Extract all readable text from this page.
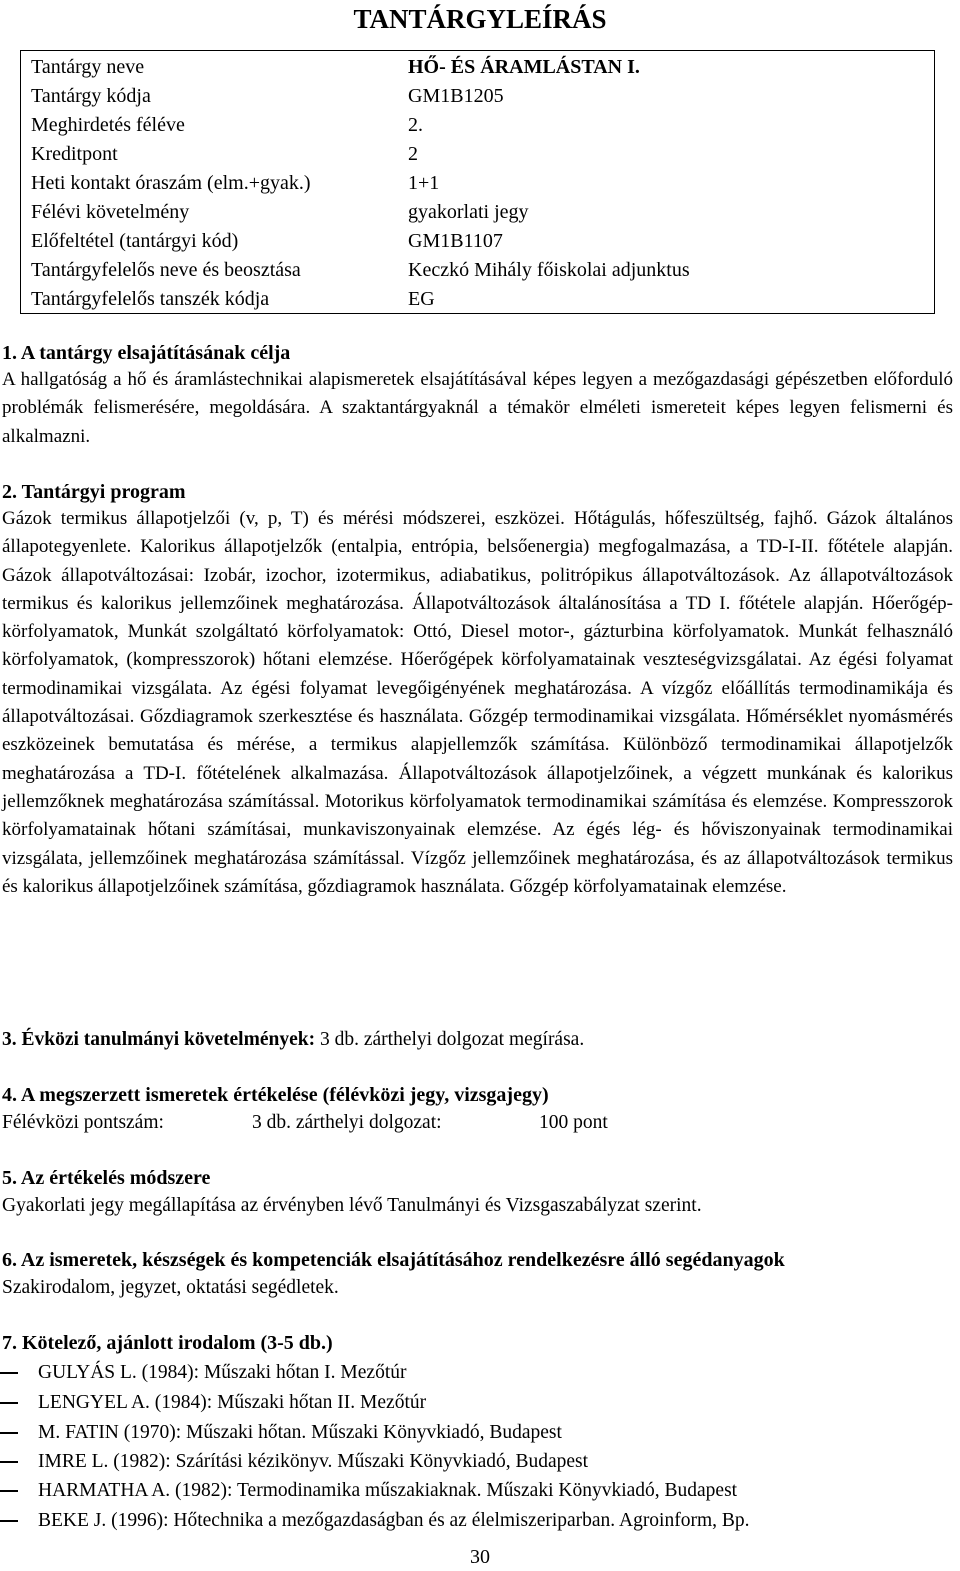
TANTÁRGYLEÍRÁS
Tantárgy neve	HŐ- ÉS ÁRAMLÁSTAN I.
Tantárgy kódja	GM1B1205
Meghirdetés féléve	2.
Kreditpont	2
Heti kontakt óraszám (elm.+gyak.)	1+1
Félévi követelmény	gyakorlati jegy
Előfeltétel (tantárgyi kód)	GM1B1107
Tantárgyfelelős neve és beosztása	Keczkó Mihály főiskolai adjunktus
Tantárgyfelelős tanszék kódja	EG
1. A tantárgy elsajátításának célja
A hallgatóság a hő és áramlástechnikai alapismeretek elsajátításával képes legyen a mezőgazdasági gépészetben előforduló problémák felismerésére, megoldására. A szaktantárgyaknál a témakör elméleti ismereteit képes legyen felismerni és alkalmazni.
2. Tantárgyi program
Gázok termikus állapotjelzői (v, p, T) és mérési módszerei, eszközei. Hőtágulás, hőfeszültség, fajhő. Gázok általános állapotegyenlete. Kalorikus állapotjelzők (entalpia, entrópia, belsőenergia) megfogalmazása, a TD-I-II. főtétele alapján. Gázok állapotváltozásai: Izobár, izochor, izotermikus, adiabatikus, politrópikus állapotváltozások. Az állapotváltozások termikus és kalorikus jellemzőinek meghatározása. Állapotváltozások általánosítása a TD I. főtétele alapján. Hőerőgép-körfolyamatok, Munkát szolgáltató körfolyamatok: Ottó, Diesel motor-, gázturbina körfolyamatok. Munkát felhasználó körfolyamatok, (kompresszorok) hőtani elemzése. Hőerőgépek körfolyamatainak veszteségvizsgálatai. Az égési folyamat termodinamikai vizsgálata. Az égési folyamat levegőigényének meghatározása. A vízgőz előállítás termodinamikája és állapotváltozásai. Gőzdiagramok szerkesztése és használata. Gőzgép termodinamikai vizsgálata. Hőmérséklet nyomásmérés eszközeinek bemutatása és mérése, a termikus alapjellemzők számítása. Különböző termodinamikai állapotjelzők meghatározása a TD-I. főtételének alkalmazása. Állapotváltozások állapotjelzőinek, a végzett munkának és kalorikus jellemzőknek meghatározása számítással. Motorikus körfolyamatok termodinamikai számítása és elemzése. Kompresszorok körfolyamatainak hőtani számításai, munkaviszonyainak elemzése. Az égés lég- és hőviszonyainak termodinamikai vizsgálata, jellemzőinek meghatározása számítással. Vízgőz jellemzőinek meghatározása, és az állapotváltozások termikus és kalorikus állapotjelzőinek számítása, gőzdiagramok használata. Gőzgép körfolyamatainak elemzése.
3. Évközi tanulmányi követelmények: 3 db. zárthelyi dolgozat megírása.
4. A megszerzett ismeretek értékelése (félévközi jegy, vizsgajegy)
Félévközi pontszám:	3 db. zárthelyi dolgozat:	100 pont
5. Az értékelés módszere
Gyakorlati jegy megállapítása az érvényben lévő Tanulmányi és Vizsgaszabályzat szerint.
6. Az ismeretek, készségek és kompetenciák elsajátításához rendelkezésre álló segédanyagok
Szakirodalom, jegyzet, oktatási segédletek.
7. Kötelező, ajánlott irodalom (3-5 db.)
GULYÁS L. (1984): Műszaki hőtan I. Mezőtúr
LENGYEL A. (1984): Műszaki hőtan II. Mezőtúr
M. FATIN (1970): Műszaki hőtan. Műszaki Könyvkiadó, Budapest
IMRE L. (1982): Szárítási kézikönyv. Műszaki Könyvkiadó, Budapest
HARMATHA A. (1982): Termodinamika műszakiaknak. Műszaki Könyvkiadó, Budapest
BEKE J. (1996): Hőtechnika a mezőgazdaságban és az élelmiszeriparban. Agroinform, Bp.
30
